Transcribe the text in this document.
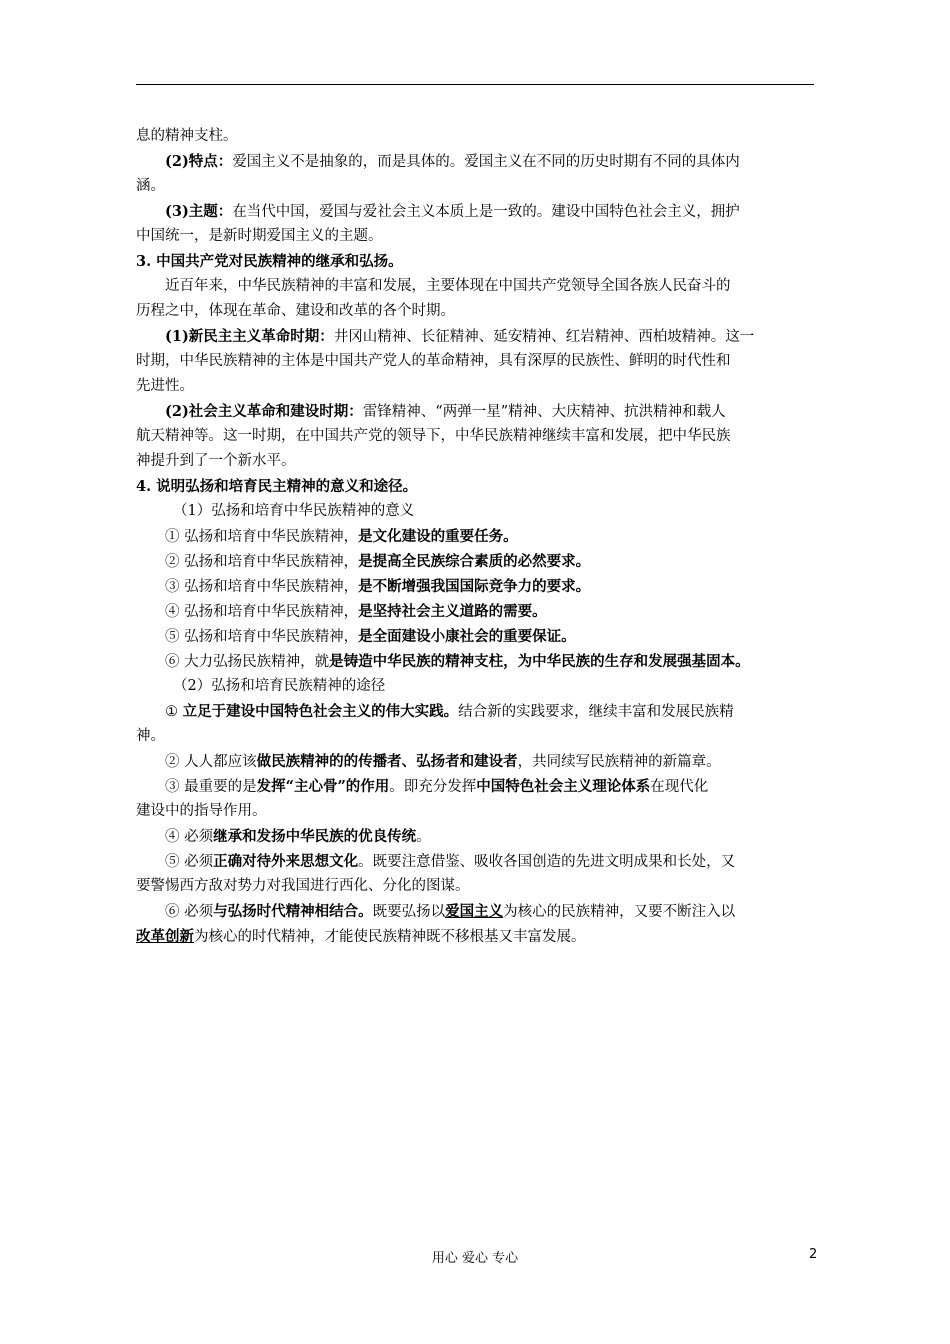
息的精神支柱。
(2)特点：爱国主义不是抽象的，而是具体的。爱国主义在不同的历史时期有不同的具体内
涵。
(3)主题：在当代中国，爱国与爱社会主义本质上是一致的。建设中国特色社会主义，拥护
中国统一，是新时期爱国主义的主题。
3. 中国共产党对民族精神的继承和弘扬。
近百年来，中华民族精神的丰富和发展，主要体现在中国共产党领导全国各族人民奋斗的
历程之中，体现在革命、建设和改革的各个时期。
(1)新民主主义革命时期：井冈山精神、长征精神、延安精神、红岩精神、西柏坡精神。这一
时期，中华民族精神的主体是中国共产党人的革命精神，具有深厚的民族性、鲜明的时代性和
先进性。
(2)社会主义革命和建设时期：雷锋精神、“两弹一星”精神、大庆精神、抗洪精神和载人
航天精神等。这一时期，在中国共产党的领导下，中华民族精神继续丰富和发展，把中华民族
神提升到了一个新水平。
4. 说明弘扬和培育民主精神的意义和途径。
（1）弘扬和培育中华民族精神的意义
① 弘扬和培育中华民族精神，是文化建设的重要任务。
② 弘扬和培育中华民族精神，是提高全民族综合素质的必然要求。
③ 弘扬和培育中华民族精神，是不断增强我国国际竞争力的要求。
④ 弘扬和培育中华民族精神，是坚持社会主义道路的需要。
⑤ 弘扬和培育中华民族精神，是全面建设小康社会的重要保证。
⑥ 大力弘扬民族精神，就是铸造中华民族的精神支柱，为中华民族的生存和发展强基固本。
（2）弘扬和培育民族精神的途径
① 立足于建设中国特色社会主义的伟大实践。结合新的实践要求，继续丰富和发展民族精
神。
② 人人都应该做民族精神的的传播者、弘扬者和建设者，共同续写民族精神的新篇章。
③ 最重要的是发挥“主心骨”的作用。即充分发挥中国特色社会主义理论体系在现代化
建设中的指导作用。
④ 必须继承和发扬中华民族的优良传统。
⑤ 必须正确对待外来思想文化。既要注意借鉴、吸收各国创造的先进文明成果和长处，又
要警惕西方敌对势力对我国进行西化、分化的图谋。
⑥ 必须与弘扬时代精神相结合。既要弘扬以爱国主义为核心的民族精神，又要不断注入以
改革创新为核心的时代精神，才能使民族精神既不移根基又丰富发展。
用心 爱心 专心	2
